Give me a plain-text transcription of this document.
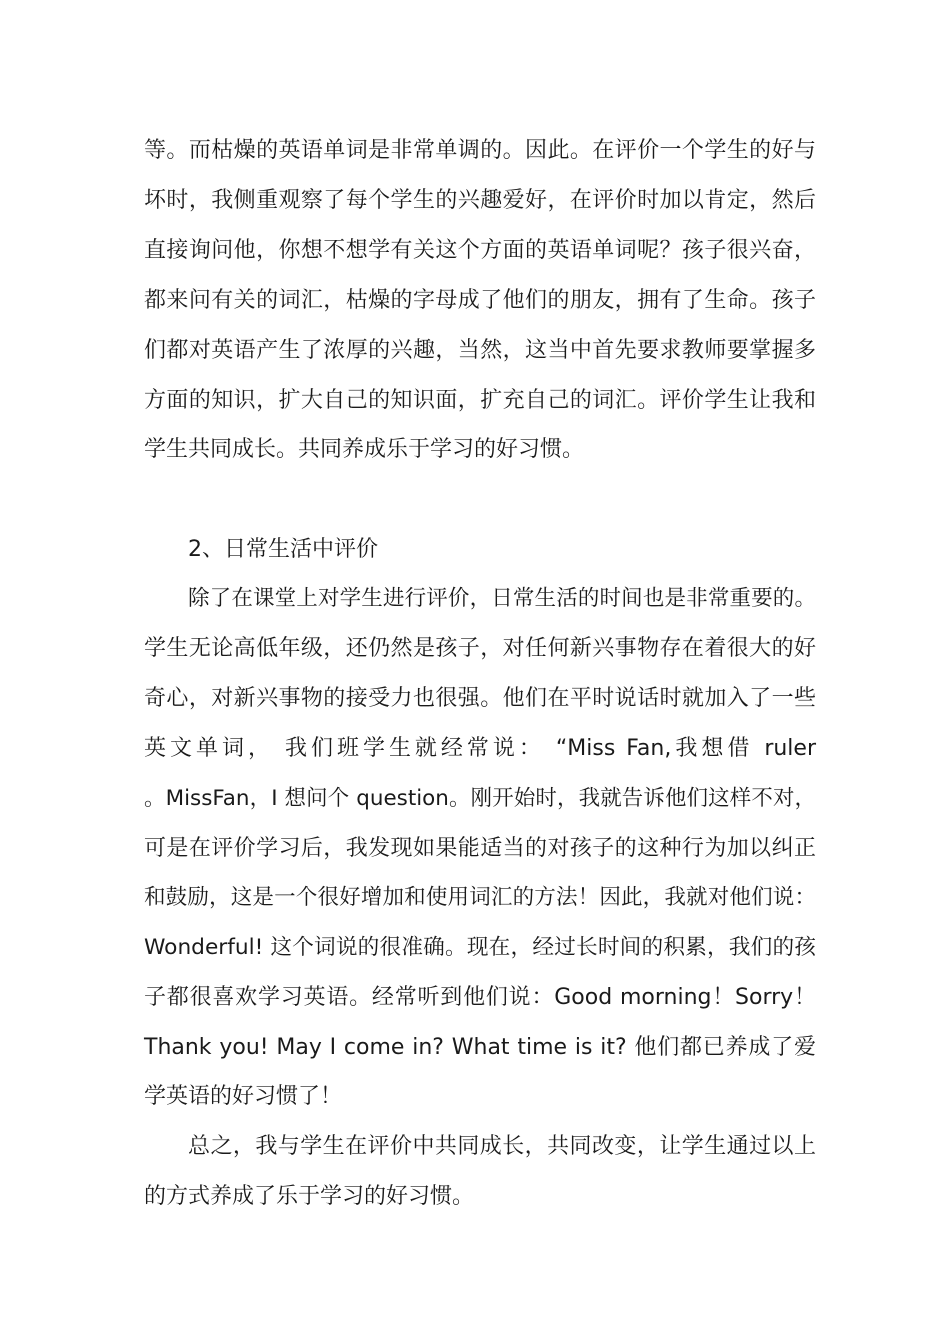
等。而枯燥的英语单词是非常单调的。因此。在评价一个学生的好与
坏时，我侧重观察了每个学生的兴趣爱好，在评价时加以肯定，然后
直接询问他，你想不想学有关这个方面的英语单词呢？孩子很兴奋，
都来问有关的词汇，枯燥的字母成了他们的朋友，拥有了生命。孩子
们都对英语产生了浓厚的兴趣，当然，这当中首先要求教师要掌握多
方面的知识，扩大自己的知识面，扩充自己的词汇。评价学生让我和
学生共同成长。共同养成乐于学习的好习惯。
2、日常生活中评价
除了在课堂上对学生进行评价，日常生活的时间也是非常重要的。
学生无论高低年级，还仍然是孩子，对任何新兴事物存在着很大的好
奇心，对新兴事物的接受力也很强。他们在平时说话时就加入了一些
英文单词， 我们班学生就经常说： “Miss Fan,我想借 ruler
。MissFan，I 想问个 question。刚开始时，我就告诉他们这样不对，
可是在评价学习后，我发现如果能适当的对孩子的这种行为加以纠正
和鼓励，这是一个很好增加和使用词汇的方法！因此，我就对他们说：
Wonderful! 这个词说的很准确。现在，经过长时间的积累，我们的孩
子都很喜欢学习英语。经常听到他们说：Good morning！Sorry！
Thank you! May I come in? What time is it? 他们都已养成了爱
学英语的好习惯了！
总之，我与学生在评价中共同成长，共同改变，让学生通过以上
的方式养成了乐于学习的好习惯。
